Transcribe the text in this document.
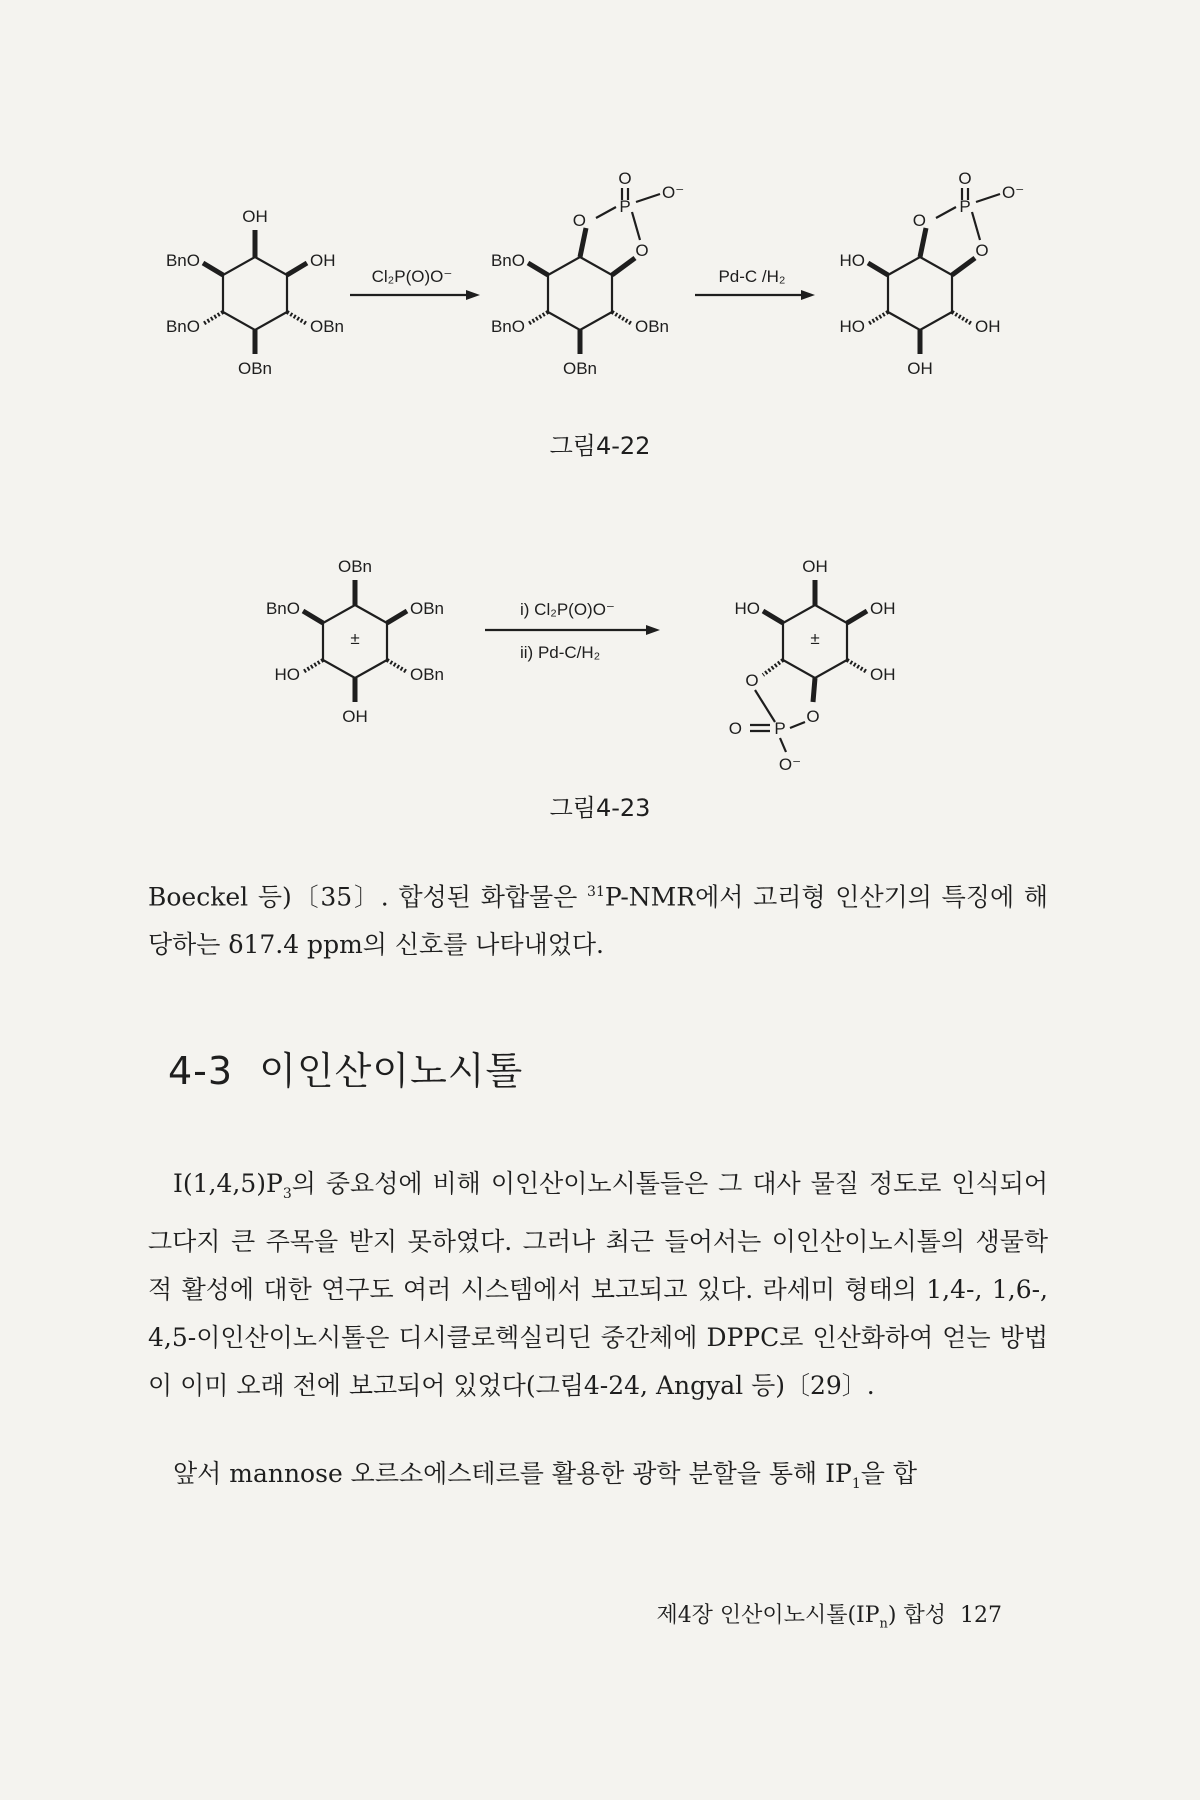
OH
OH
BnO
BnO	OBn
OBn
Cl₂P(O)O⁻
O
P
O
O⁻
O
BnO
BnO	OBn
OBn
Pd-C /H₂
O
P
O
O⁻
O
HO
HO	OH
OH
그림4-22
±
OBn
OBn
BnO
HO	OBn
OH
i) Cl₂P(O)O⁻
ii) Pd-C/H₂
±
OH
OH
HO
OH
O
P
O
O
O⁻
그림4-23

Boeckel 등)〔35〕. 합성된 화합물은 $^{31}$P-NMR에서 고리형 인산기의 특징에 해당하는 δ17.4 ppm의 신호를 나타내었다.

4-3 이인산이노시톨

$I(1,4,5)P_3$의 중요성에 비해 이인산이노시톨들은 그 대사 물질 정도로 인식되어 그다지 큰 주목을 받지 못하였다. 그러나 최근 들어서는 이인산이노시톨의 생물학적 활성에 대한 연구도 여러 시스템에서 보고되고 있다. 라세미 형태의 1,4-, 1,6-, 4,5-이인산이노시톨은 디시클로헥실리딘 중간체에 DPPC로 인산화하여 얻는 방법이 이미 오래 전에 보고되어 있었다(그림4-24, Angyal 등)〔29〕.

앞서 mannose 오르소에스테르를 활용한 광학 분할을 통해 $IP_1$을 합

제4장 인산이노시톨$(IP_n)$ 합성 127
